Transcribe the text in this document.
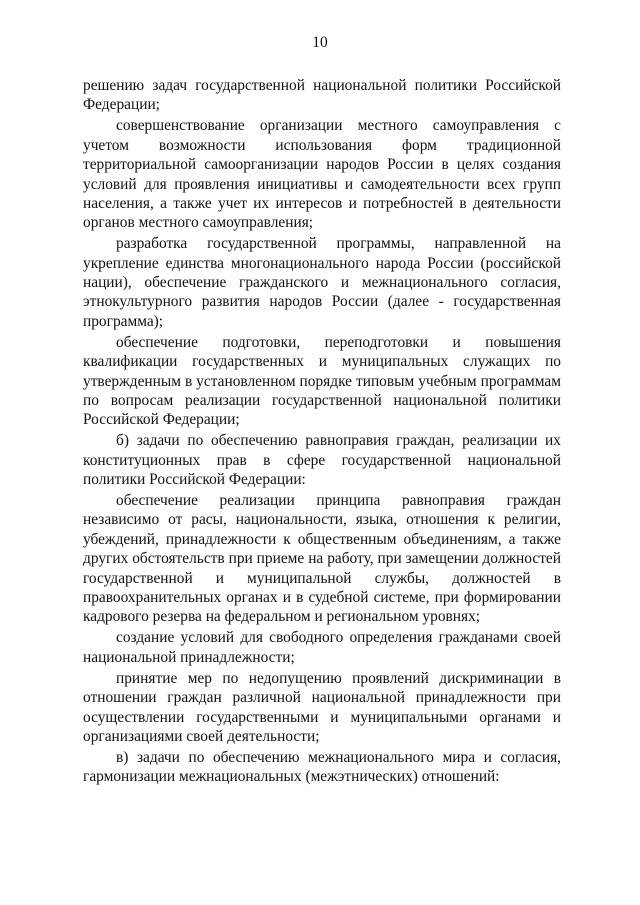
10

решению задач государственной национальной политики Российской Федерации;

совершенствование организации местного самоуправления с учетом возможности использования форм традиционной территориальной самоорганизации народов России в целях создания условий для проявления инициативы и самодеятельности всех групп населения, а также учет их интересов и потребностей в деятельности органов местного самоуправления;

разработка государственной программы, направленной на укрепление единства многонационального народа России (российской нации), обеспечение гражданского и межнационального согласия, этнокультурного развития народов России (далее - государственная программа);

обеспечение подготовки, переподготовки и повышения квалификации государственных и муниципальных служащих по утвержденным в установленном порядке типовым учебным программам по вопросам реализации государственной национальной политики Российской Федерации;

б) задачи по обеспечению равноправия граждан, реализации их конституционных прав в сфере государственной национальной политики Российской Федерации:

обеспечение реализации принципа равноправия граждан независимо от расы, национальности, языка, отношения к религии, убеждений, принадлежности к общественным объединениям, а также других обстоятельств при приеме на работу, при замещении должностей государственной и муниципальной службы, должностей в правоохранительных органах и в судебной системе, при формировании кадрового резерва на федеральном и региональном уровнях;

создание условий для свободного определения гражданами своей национальной принадлежности;

принятие мер по недопущению проявлений дискриминации в отношении граждан различной национальной принадлежности при осуществлении государственными и муниципальными органами и организациями своей деятельности;

в) задачи по обеспечению межнационального мира и согласия, гармонизации межнациональных (межэтнических) отношений:
